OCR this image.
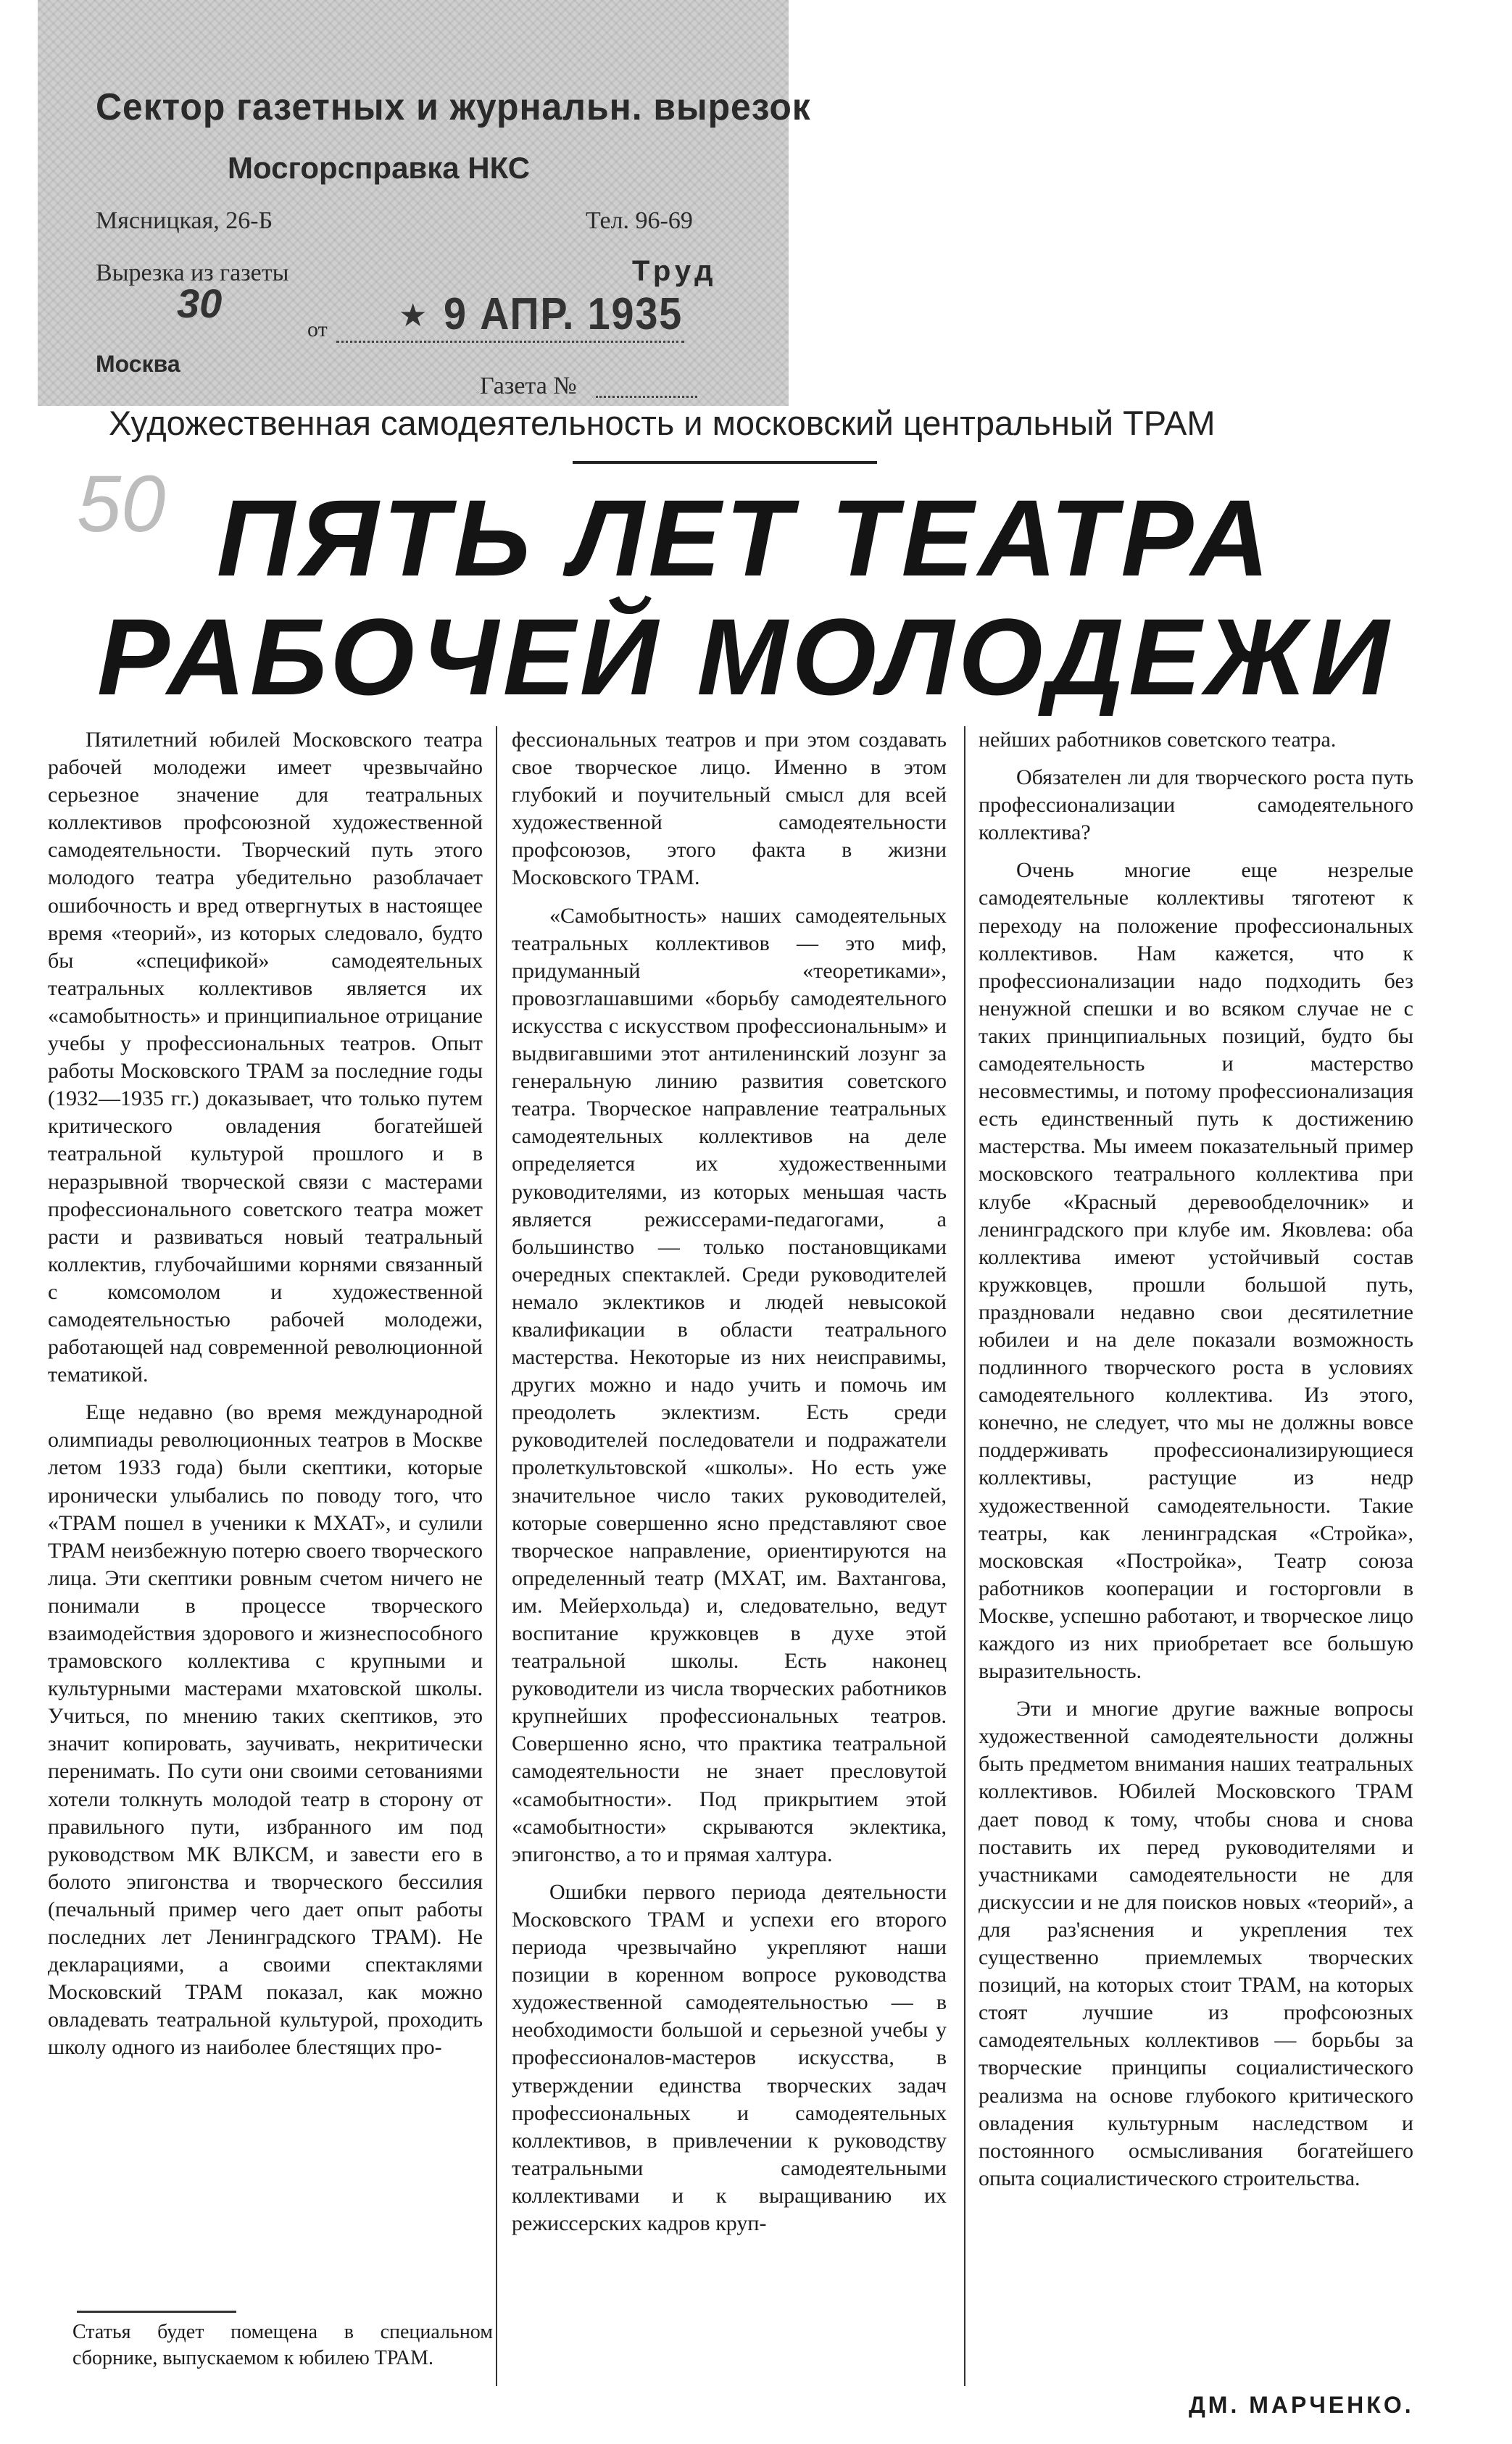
Сектор газетных и журнальн. вырезок
Мосгорсправка НКС
Мясницкая, 26-Б	Тел. 96-69
Вырезка из газеты	Труд
30
от ★ 9 АПР. 1935
Москва
Газета №
50
Художественная самодеятельность и московский центральный ТРАМ
ПЯТЬ ЛЕТ ТЕАТРА
РАБОЧЕЙ МОЛОДЕЖИ

Пятилетний юбилей Московского театра рабочей молодежи имеет чрезвычайно серьезное значение для театральных коллективов профсоюзной художественной самодеятельности. Творческий путь этого молодого театра убедительно разоблачает ошибочность и вред отвергнутых в настоящее время «теорий», из которых следовало, будто бы «спецификой» самодеятельных театральных коллективов является их «самобытность» и принципиальное отрицание учебы у профессиональных театров. Опыт работы Московского ТРАМ за последние годы (1932—1935 гг.) доказывает, что только путем критического овладения богатейшей театральной культурой прошлого и в неразрывной творческой связи с мастерами профессионального советского театра может расти и развиваться новый театральный коллектив, глубочайшими корнями связанный с комсомолом и художественной самодеятельностью рабочей молодежи, работающей над современной революционной тематикой.

Еще недавно (во время международной олимпиады революционных театров в Москве летом 1933 года) были скептики, которые иронически улыбались по поводу того, что «ТРАМ пошел в ученики к МХАТ», и сулили ТРАМ неизбежную потерю своего творческого лица. Эти скептики ровным счетом ничего не понимали в процессе творческого взаимодействия здорового и жизнеспособного трамовского коллектива с крупными и культурными мастерами мхатовской школы. Учиться, по мнению таких скептиков, это значит копировать, заучивать, некритически перенимать. По сути они своими сетованиями хотели толкнуть молодой театр в сторону от правильного пути, избранного им под руководством МК ВЛКСМ, и завести его в болото эпигонства и творческого бессилия (печальный пример чего дает опыт работы последних лет Ленинградского ТРАМ). Не декларациями, а своими спектаклями Московский ТРАМ показал, как можно овладевать театральной культурой, проходить школу одного из наиболее блестящих про-

фессиональных театров и при этом создавать свое творческое лицо. Именно в этом глубокий и поучительный смысл для всей художественной самодеятельности профсоюзов, этого факта в жизни Московского ТРАМ.

«Самобытность» наших самодеятельных театральных коллективов — это миф, придуманный «теоретиками», провозглашавшими «борьбу самодеятельного искусства с искусством профессиональным» и выдвигавшими этот антиленинский лозунг за генеральную линию развития советского театра. Творческое направление театральных самодеятельных коллективов на деле определяется их художественными руководителями, из которых меньшая часть является режиссерами-педагогами, а большинство — только постановщиками очередных спектаклей. Среди руководителей немало эклектиков и людей невысокой квалификации в области театрального мастерства. Некоторые из них неисправимы, других можно и надо учить и помочь им преодолеть эклектизм. Есть среди руководителей последователи и подражатели пролеткультовской «школы». Но есть уже значительное число таких руководителей, которые совершенно ясно представляют свое творческое направление, ориентируются на определенный театр (МХАТ, им. Вахтангова, им. Мейерхольда) и, следовательно, ведут воспитание кружковцев в духе этой театральной школы. Есть наконец руководители из числа творческих работников крупнейших профессиональных театров. Совершенно ясно, что практика театральной самодеятельности не знает пресловутой «самобытности». Под прикрытием этой «самобытности» скрываются эклектика, эпигонство, а то и прямая халтура.

Ошибки первого периода деятельности Московского ТРАМ и успехи его второго периода чрезвычайно укрепляют наши позиции в коренном вопросе руководства художественной самодеятельностью — в необходимости большой и серьезной учебы у профессионалов-мастеров искусства, в утверждении единства творческих задач профессиональных и самодеятельных коллективов, в привлечении к руководству театральными самодеятельными коллективами и к выращиванию их режиссерских кадров круп-

нейших работников советского театра.

Обязателен ли для творческого роста путь профессионализации самодеятельного коллектива?

Очень многие еще незрелые самодеятельные коллективы тяготеют к переходу на положение профессиональных коллективов. Нам кажется, что к профессионализации надо подходить без ненужной спешки и во всяком случае не с таких принципиальных позиций, будто бы самодеятельность и мастерство несовместимы, и потому профессионализация есть единственный путь к достижению мастерства. Мы имеем показательный пример московского театрального коллектива при клубе «Красный деревообделочник» и ленинградского при клубе им. Яковлева: оба коллектива имеют устойчивый состав кружковцев, прошли большой путь, праздновали недавно свои десятилетние юбилеи и на деле показали возможность подлинного творческого роста в условиях самодеятельного коллектива. Из этого, конечно, не следует, что мы не должны вовсе поддерживать профессионализирующиеся коллективы, растущие из недр художественной самодеятельности. Такие театры, как ленинградская «Стройка», московская «Постройка», Театр союза работников кооперации и госторговли в Москве, успешно работают, и творческое лицо каждого из них приобретает все большую выразительность.

Эти и многие другие важные вопросы художественной самодеятельности должны быть предметом внимания наших театральных коллективов. Юбилей Московского ТРАМ дает повод к тому, чтобы снова и снова поставить их перед руководителями и участниками самодеятельности не для дискуссии и не для поисков новых «теорий», а для раз'яснения и укрепления тех существенно приемлемых творческих позиций, на которых стоит ТРАМ, на которых стоят лучшие из профсоюзных самодеятельных коллективов — борьбы за творческие принципы социалистического реализма на основе глубокого критического овладения культурным наследством и постоянного осмысливания богатейшего опыта социалистического строительства.

Статья будет помещена в специальном сборнике, выпускаемом к юбилею ТРАМ.
ДМ. МАРЧЕНКО.
